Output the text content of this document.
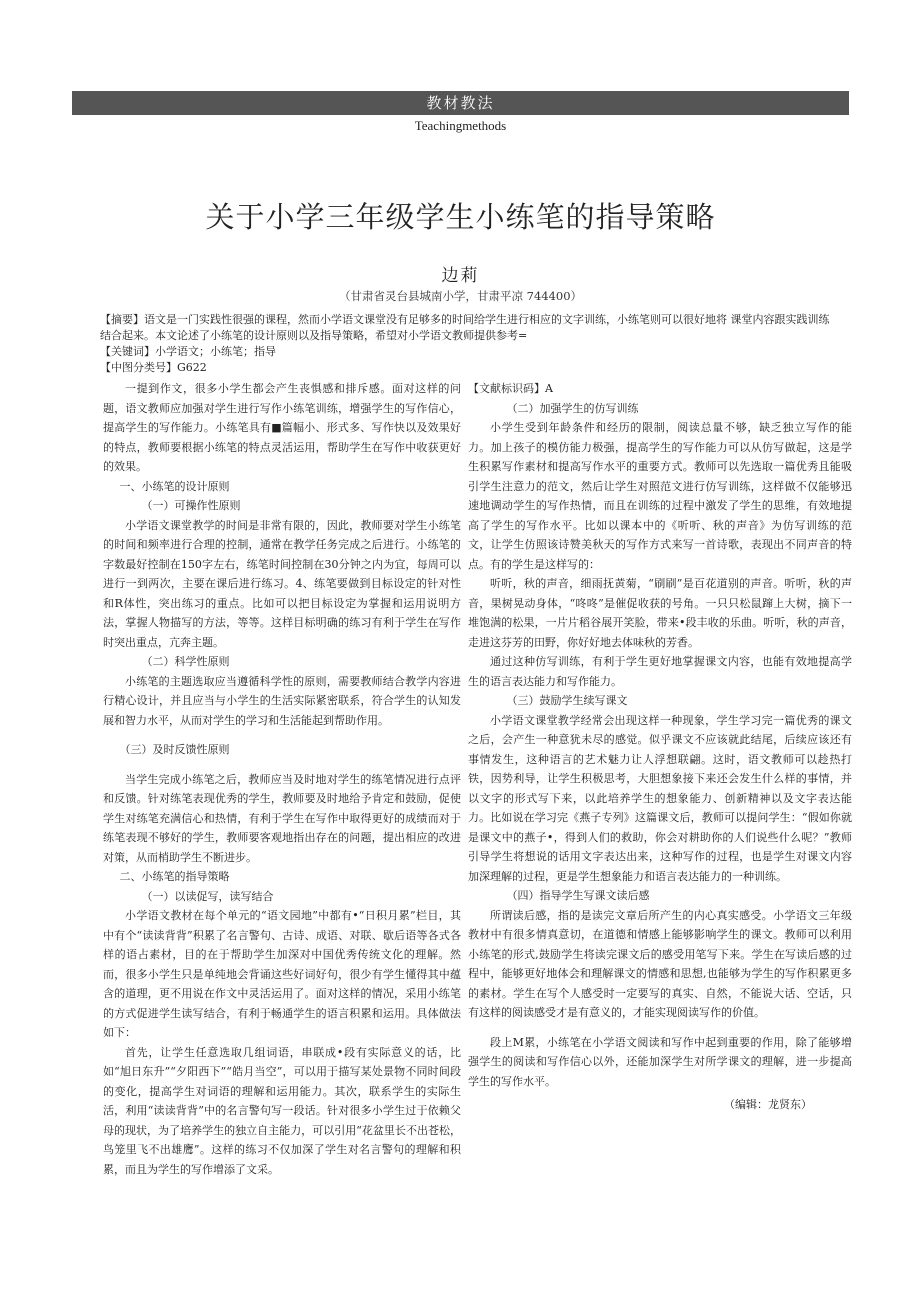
教材教法
Teachingmethods
关于小学三年级学生小练笔的指导策略
边莉
（甘肃省灵台县城南小学，甘肃平凉 744400）

【摘要】语文是一门实践性很强的课程，然而小学语文课堂没有足够多的时间给学生进行相应的文字训练，小练笔则可以很好地将 课堂内容跟实践训练结合起来。本文论述了小练笔的设计原则以及指导策略，希望对小学语文教师提供参考=

【关键词】小学语文；小练笔；指导

【中图分类号】G622

一提到作文，很多小学生都会产生丧惧感和排斥感。面对这样的问题，语文教师应加强对学生进行写作小练笔训练，增强学生的写作信心，提高学生的写作能力。小练笔具有■篇幅小、形式多、写作快以及效果好的特点，教师要根据小练笔的特点灵活运用，帮助学生在写作中收获更好的效果。

一、小练笔的设计原则

（一）可操作性原则

小学语文课堂教学的时间是非常有限的，因此，教师要对学生小练笔的时间和频率进行合理的控制，通常在教学任务完成之后进行。小练笔的字数最好控制在150字左右，练笔时间控制在30分钟之内为宜，每周可以进行一到两次，主要在课后进行练习。4、练笔要做到目标设定的针对性和R体性，突出练习的重点。比如可以把目标设定为掌握和运用说明方法，掌握人物描写的方法，等等。这样目标明确的练习有利于学生在写作时突出重点，亢奔主题。

（二）科学性原则

小练笔的主题选取应当遵循科学性的原则，需要教师结合教学内容进行精心设计，并且应当与小学生的生活实际紧密联系，符合学生的认知发展和智力水平，从而对学生的学习和生活能起到帮助作用。

（三）及时反馈性原则

当学生完成小练笔之后，教师应当及时地对学生的练笔情况进行点评和反馈。针对练笔表现优秀的学生，教师要及时地给予肯定和鼓励，促使学生对练笔充满信心和热情，有利于学生在写作中取得更好的成绩而对于练笔表现不够好的学生，教师要客观地指出存在的问题，提出相应的改进对策，从而梢助学生不断进步。

二、小练笔的指导策略

（一）以读促写，读写结合

小学语文教材在每个单元的“语文园地”中都有•“日积月累”栏目，其中有个“读读背背”积累了名言警句、古诗、成语、对联、歇后语等各式各样的语占素材，目的在于帮助学生加深对中国优秀传统文化的理解。然而，很多小学生只是单纯地会背诵这些好词好句，很少有学生懂得其中蕴含的道理，更不用说在作文中灵活运用了。面对这样的情况，采用小练笔的方式促进学生读写结合，有利于畅通学生的语言积累和运用。具体做法如下：

首先，让学生任意选取几组词语，串联成•段有实际意义的话，比如“旭日东升”“夕阳西下”“皓月当空”，可以用于描写某处景物不同时间段的变化，提高学生对词语的理解和运用能力。其次，联系学生的实际生活，利用“读读背背”中的名言警句写一段话。针对很多小学生过于依赖父母的现状，为了培养学生的独立自主能力，可以引用“花盆里长不出苍松，鸟笼里飞不出雄鹰”。这样的练习不仅加深了学生对名言警句的理解和积累，而且为学生的写作增添了文采。

【文献标识码】A

（二）加强学生的仿写训练

小学生受到年龄条件和经历的限制，阅读总量不够，缺乏独立写作的能力。加上孩子的模仿能力极强，提高学生的写作能力可以从仿写做起，这是学生积累写作素材和提高写作水平的重要方式。教师可以先选取一篇优秀且能吸引学生注意力的范文，然后让学生对照范文进行仿写训练，这样做不仅能够迅速地调动学生的写作热情，而且在训练的过程中激发了学生的思维，有效地提高了学生的写作水平。比如以课本中的《听听、秋的声音》为仿写训练的范文，让学生仿照该诗赞美秋天的写作方式来写一首诗歌，表现出不同声音的特点。有的学生是这样写的：

听听，秋的声音，细雨抚黄菊，“刷刷”是百花道别的声音。听听，秋的声音，果树晃动身体，“咚咚”是催促收获的号角。一只只松鼠蹿上大树，摘下一堆饱满的松果，一片片稻谷展开笑脸，带来•段丰收的乐曲。听听，秋的声音，走进这芬芳的田野，你好好地去体味秋的芳香。

通过这种仿写训练，有利于学生更好地掌握课文内容，也能有效地提高学生的语言表达能力和写作能力。

（三）鼓励学生续写课文

小学语文课堂教学经常会出现这样一种现象，学生学习完一篇优秀的课文之后，会产生一种意犹未尽的感觉。似乎课文不应该就此结尾，后续应该还有事情发生，这种语言的艺术魅力让人浮想联翩。这时，语文教师可以趁热打铁，因势利导，让学生积极思考，大胆想象接下来还会发生什么样的事情，并以文字的形式写下来，以此培养学生的想象能力、创新精神以及文字表达能力。比如说在学习完《燕子专列》这篇课文后，教师可以提问学生：“假如你就是课文中的燕子•，得到人们的救助，你会对耕助你的人们说些什么呢？”教师引导学生将想说的话用文字表达出来，这种写作的过程，也是学生对课文内容加深理解的过程，更是学生想象能力和语言表达能力的一种训练。

（四）指导学生写课文读后感

所谓读后感，指的是读完文章后所产生的内心真实感受。小学语文三年级教材中有很多情真意切，在道德和情感上能够影响学生的课文。教师可以利用小练笔的形式,鼓励学生将读完课文后的感受用笔写下来。学生在写读后感的过程中，能够更好地体会和理解课文的情感和思想,也能够为学生的写作积累更多的素材。学生在写个人感受时一定要写的真实、自然，不能说大话、空话，只有这样的阅读感受才是有意义的，才能实现阅读写作的价值。

段上M累，小练笔在小学语文阅读和写作中起到重要的作用，除了能够增强学生的阅读和写作信心以外，还能加深学生对所学课文的理解，进一步提高学生的写作水平。

（编辑：龙贤东）
